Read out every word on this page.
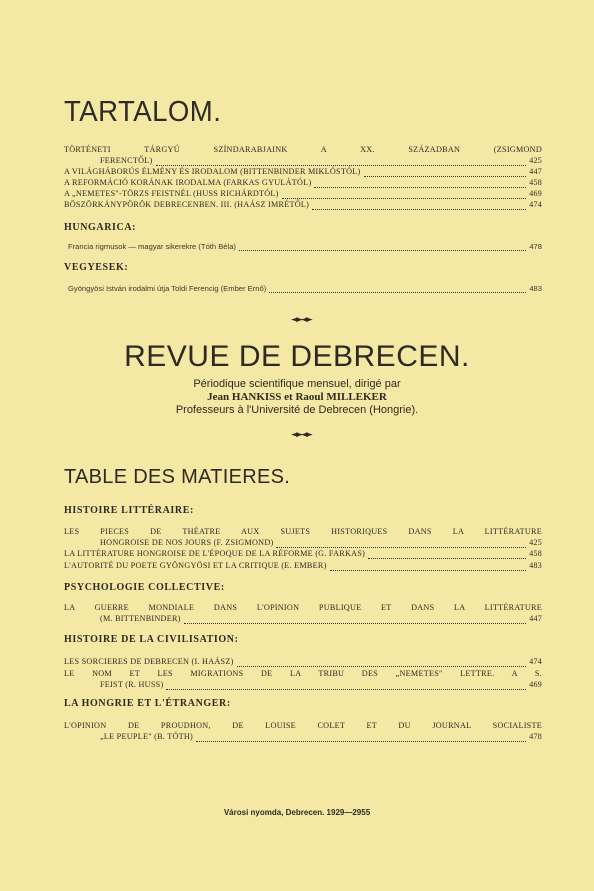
TARTALOM.
TÖRTÉNETI TÁRGYÚ SZÍNDARABJAINK A XX. SZÁZADBAN (ZSIGMOND
FERENCTŐL)	425
A VILÁGHÁBORÚS ÉLMÉNY ÉS IRODALOM (BITTENBINDER MIKLÓSTÓL)	447
A REFORMÁCIÓ KORÁNAK IRODALMA (FARKAS GYULÁTÓL)	458
A „NEMETES"-TÖRZS FEISTNÉL (HUSS RICHÁRDTÓL)	469
BÖSZÖRKÁNYPÖRÖK DEBRECENBEN. III. (HAÁSZ IMRÉTŐL)	474
HUNGARICA:
Francia rigmusok — magyar sikerekre (Tóth Béla)	478
VEGYESEK:
Gyöngyösi István irodalmi útja Toldi Ferencig (Ember Ernő)	483
◄►◄►
REVUE DE DEBRECEN.
Périodique scientifique mensuel, dirigé par
Jean HANKISS et Raoul MILLEKER
Professeurs à l'Université de Debrecen (Hongrie).
◄►◄►
TABLE DES MATIERES.
HISTOIRE LITTÉRAIRE:
LES PIECES DE THÉATRE AUX SUJETS HISTORIQUES DANS LA LITTÉRATURE
HONGROISE DE NOS JOURS (F. ZSIGMOND)	425
LA LITTÉRATURE HONGROISE DE L'ÉPOQUE DE LA RÉFORME (G. FARKAS)	458
L'AUTORITÉ DU POETE GYÖNGYÖSI ET LA CRITIQUE (E. EMBER)	483
PSYCHOLOGIE COLLECTIVE:
LA GUERRE MONDIALE DANS L'OPINION PUBLIQUE ET DANS LA LITTÉRATURE
(M. BITTENBINDER)	447
HISTOIRE DE LA CIVILISATION:
LES SORCIERES DE DEBRECEN (I. HAÁSZ)	474
LE NOM ET LES MIGRATIONS DE LA TRIBU DES „NEMETES" LETTRE. A S.
FEIST (R. HUSS)	469
LA HONGRIE ET L'ÉTRANGER:
L'OPINION DE PROUDHON, DE LOUISE COLET ET DU JOURNAL SOCIALISTE
„LE PEUPLE" (B. TÓTH)	478
Városi nyomda, Debrecen. 1929—2955
